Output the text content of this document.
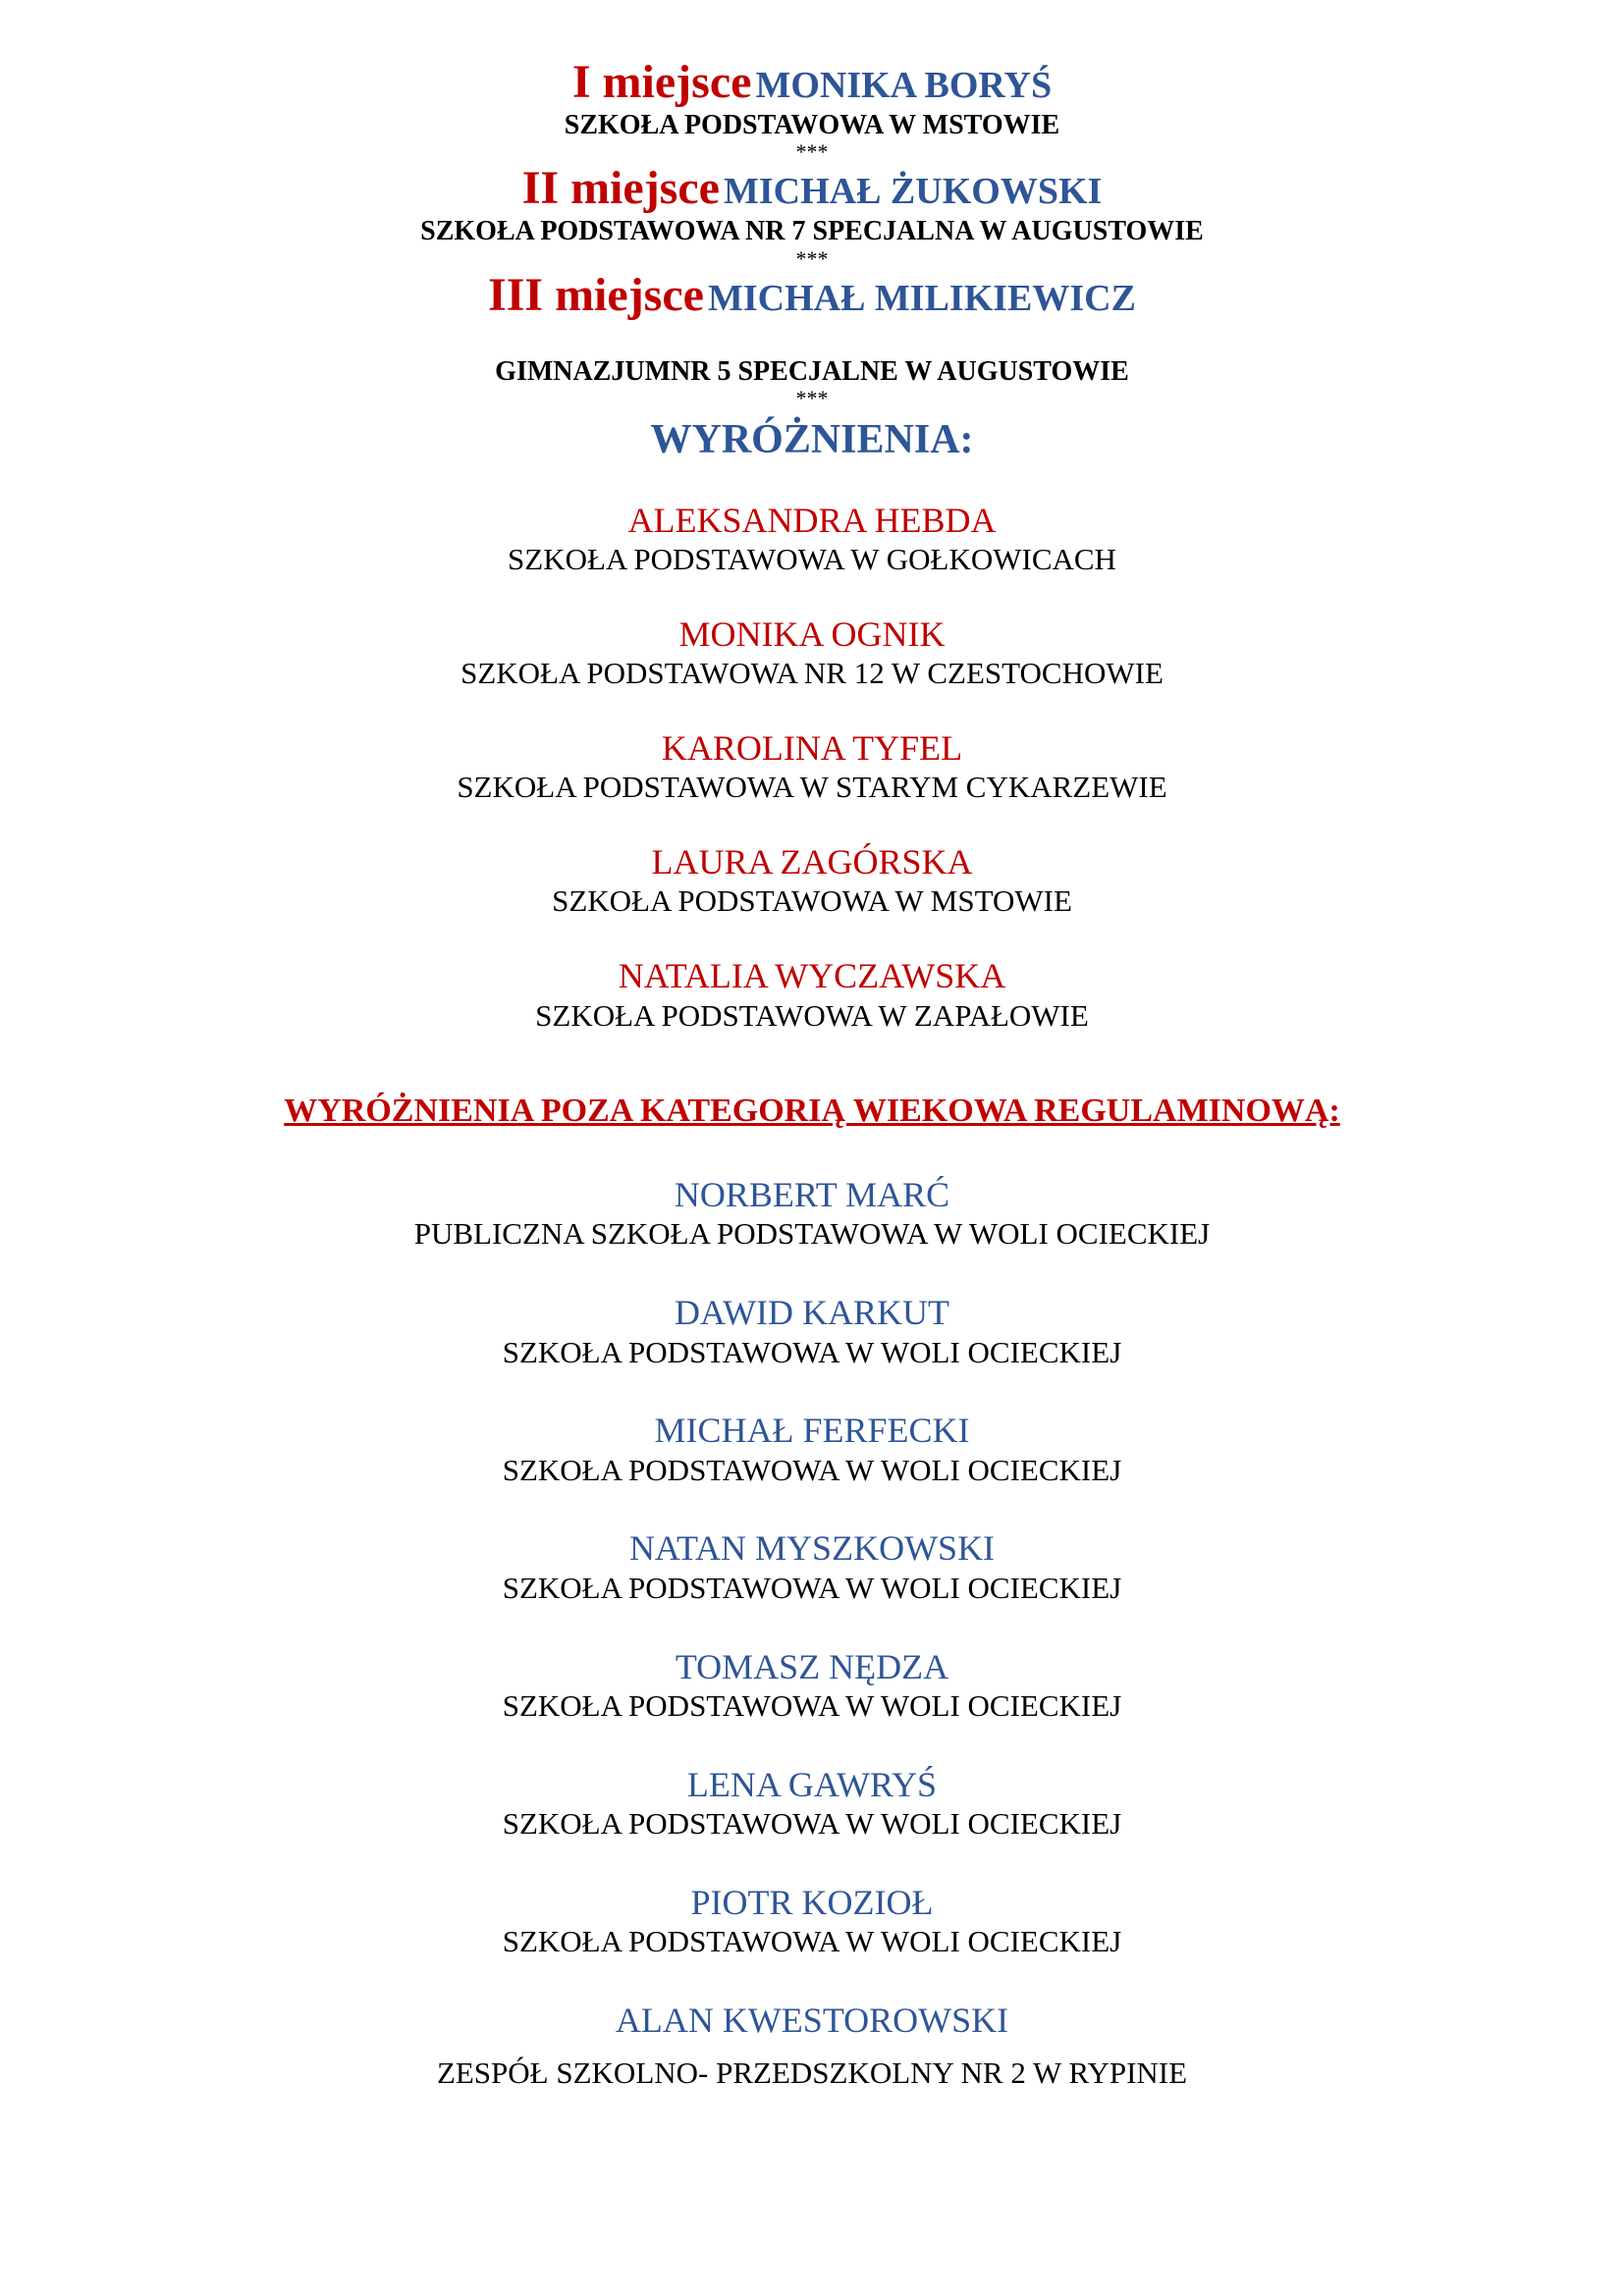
I miejsce MONIKA BORYŚ

SZKOŁA PODSTAWOWA W MSTOWIE

***

II miejsce MICHAŁ ŻUKOWSKI

SZKOŁA PODSTAWOWA NR 7 SPECJALNA W AUGUSTOWIE

***

III miejsce MICHAŁ MILIKIEWICZ

GIMNAZJUMNR 5 SPECJALNE W AUGUSTOWIE

***

WYRÓŻNIENIA:

ALEKSANDRA HEBDA

SZKOŁA PODSTAWOWA W GOŁKOWICACH

MONIKA OGNIK

SZKOŁA PODSTAWOWA NR 12 W CZESTOCHOWIE

KAROLINA TYFEL

SZKOŁA PODSTAWOWA W STARYM CYKARZEWIE

LAURA ZAGÓRSKA

SZKOŁA PODSTAWOWA W MSTOWIE

NATALIA WYCZAWSKA

SZKOŁA PODSTAWOWA W ZAPAŁOWIE

WYRÓŻNIENIA POZA KATEGORIĄ WIEKOWA REGULAMINOWĄ:

NORBERT MARĆ

PUBLICZNA SZKOŁA PODSTAWOWA W WOLI OCIECKIEJ

DAWID KARKUT

SZKOŁA PODSTAWOWA W WOLI OCIECKIEJ

MICHAŁ FERFECKI

SZKOŁA PODSTAWOWA W WOLI OCIECKIEJ

NATAN MYSZKOWSKI

SZKOŁA PODSTAWOWA W WOLI OCIECKIEJ

TOMASZ NĘDZA

SZKOŁA PODSTAWOWA W WOLI OCIECKIEJ

LENA GAWRYŚ

SZKOŁA PODSTAWOWA W WOLI OCIECKIEJ

PIOTR KOZIOŁ

SZKOŁA PODSTAWOWA W WOLI OCIECKIEJ

ALAN KWESTOROWSKI

ZESPÓŁ SZKOLNO- PRZEDSZKOLNY NR 2 W RYPINIE
